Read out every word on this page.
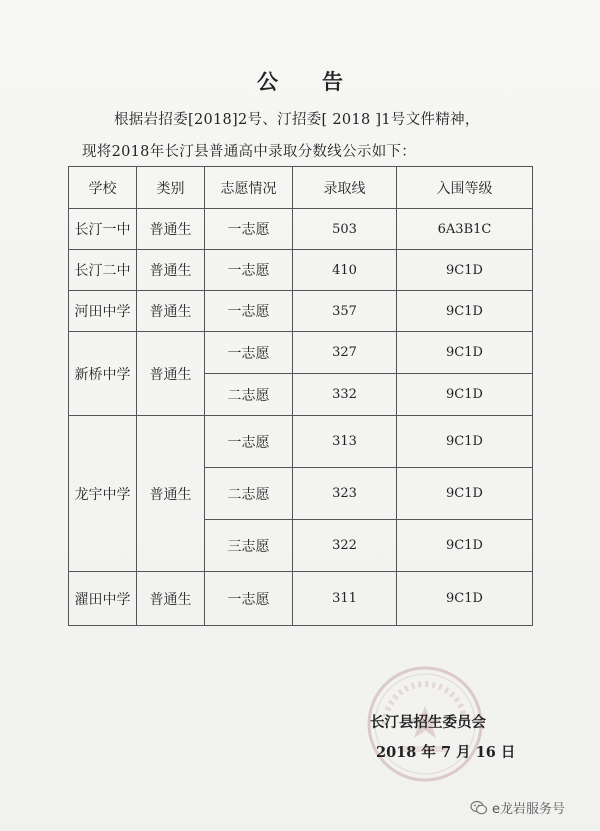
公告
根据岩招委[2018]2号、汀招委[ 2018 ]1号文件精神，
现将2018年长汀县普通高中录取分数线公示如下：
学校	类别	志愿情况	录取线	入围等级
长汀一中	普通生	一志愿	503	6A3B1C
长汀二中	普通生	一志愿	410	9C1D
河田中学	普通生	一志愿	357	9C1D
新桥中学	普通生	一志愿	327	9C1D
		二志愿	332	9C1D
龙宇中学	普通生	一志愿	313	9C1D
		二志愿	323	9C1D
		三志愿	322	9C1D
濯田中学	普通生	一志愿	311	9C1D
长汀县招生委员会
2018 年 7 月 16 日
e龙岩服务号
